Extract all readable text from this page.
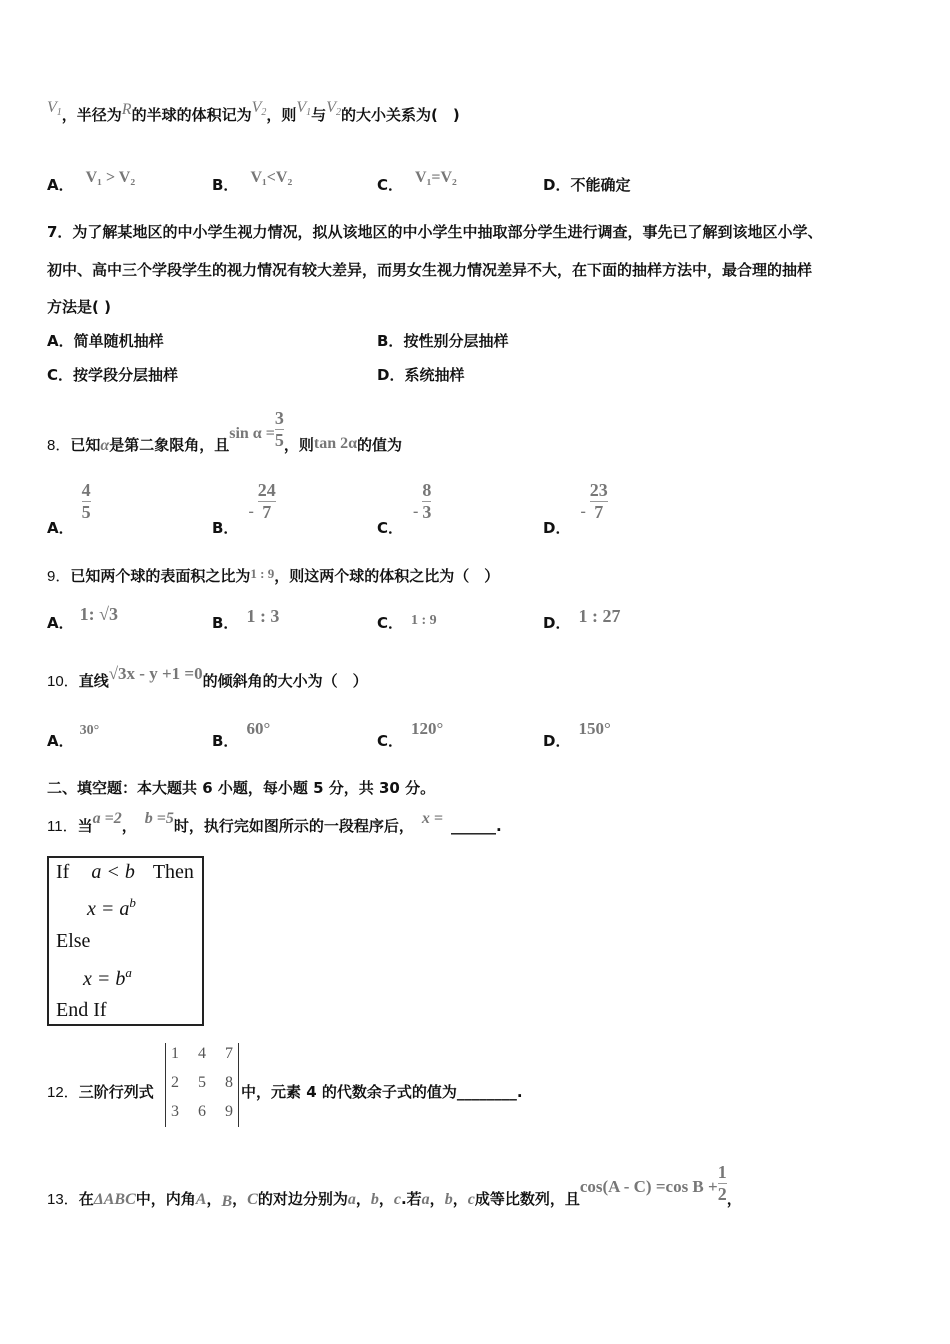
$V_1$，半径为R的半球的体积记为$V_2$，则$V_1$与$V_2$的大小关系为(　)
A． V₁ > V₂	B． V₁<V₂	C． V₁=V₂	D．不能确定
7．为了解某地区的中小学生视力情况，拟从该地区的中小学生中抽取部分学生进行调查，事先已了解到该地区小学、
初中、高中三个学段学生的视力情况有较大差异，而男女生视力情况差异不大，在下面的抽样方法中，最合理的抽样
方法是( )
A．简单随机抽样	B．按性别分层抽样
C．按学段分层抽样	D．系统抽样
8．已知α是第二象限角，且$\sin \alpha = \frac{3}{5}$ ，则tan 2α的值为
A．
$\frac{4}{5}$
B．- $\frac{24}{7}$
C．- $\frac{8}{3}$
D．- $\frac{23}{7}$
9．已知两个球的表面积之比为1 : 9，则这两个球的体积之比为（　）
A． 1: √3	B． 1 : 3	C． 1 : 9	D． 1 : 27
10．直线√3x - y +1 =0的倾斜角的大小为（　）
A．30°
B．60°
C．120°
D．150°
二、填空题：本大题共 6 小题，每小题 5 分，共 30 分。
11．当a =2， b =5时，执行完如图所示的一段程序后， x = ______.
If a < b Then
$x = a^b$
Else
$x = b^a$
End If
12．三阶行列式
1 4 7
2 5 8
3 6 9
中，元素 4 的代数余子式的值为________.
13．在ΔABC中，内角A，B，C的对边分别为a，b，c.若a，b，c成等比数列，且cos(A - C) =cos $B + \frac{1}{2}$ ，
